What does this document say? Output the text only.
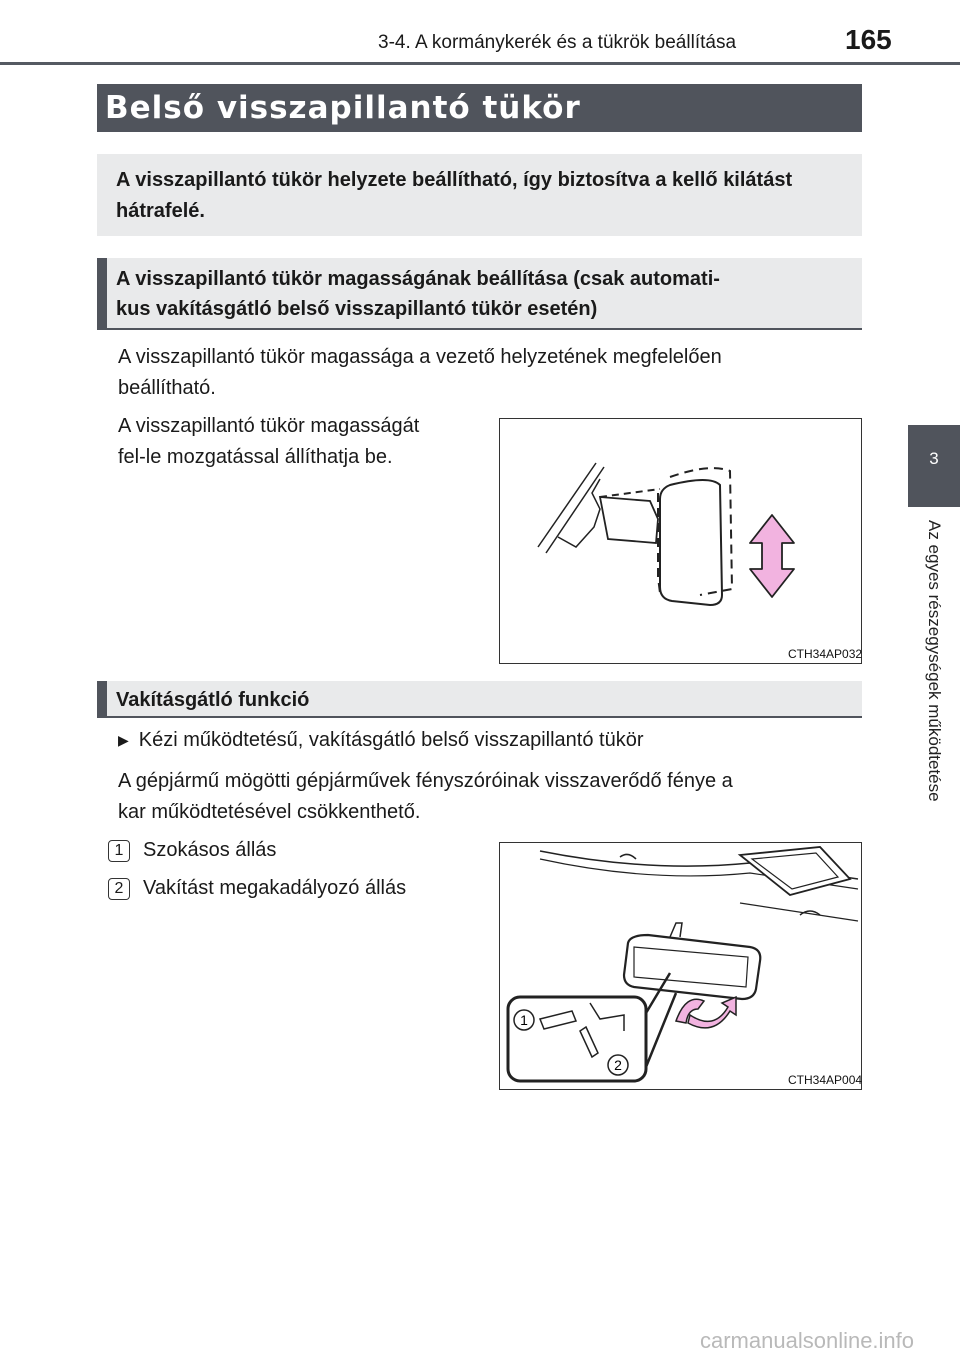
3-4. A kormánykerék és a tükrök beállítása	165
3
Az egyes részegységek működtetése
Belső visszapillantó tükör
A visszapillantó tükör helyzete beállítható, így biztosítva a kellő kilátást hátrafelé.
A visszapillantó tükör magasságának beállítása (csak automati-
kus vakításgátló belső visszapillantó tükör esetén)
A visszapillantó tükör magassága a vezető helyzetének megfelelően
beállítható.
A visszapillantó tükör magasságát
fel-le mozgatással állíthatja be.
CTH34AP032
Vakításgátló funkció
▶ Kézi működtetésű, vakításgátló belső visszapillantó tükör
A gépjármű mögötti gépjárművek fényszóróinak visszaverődő fénye a
kar működtetésével csökkenthető.
1 Szokásos állás
2 Vakítást megakadályozó állás
1
2
CTH34AP004
carmanualsonline.info
